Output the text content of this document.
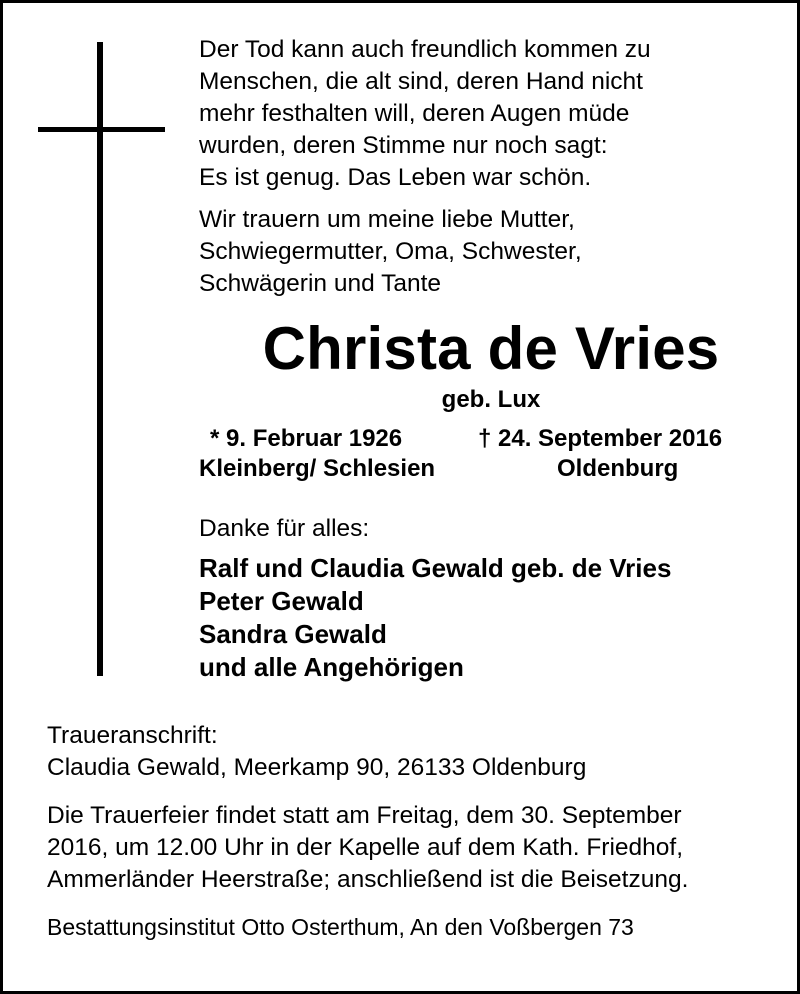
Der Tod kann auch freundlich kommen zu
Menschen, die alt sind, deren Hand nicht
mehr festhalten will, deren Augen müde
wurden, deren Stimme nur noch sagt:
Es ist genug. Das Leben war schön.

Wir trauern um meine liebe Mutter,
Schwiegermutter, Oma, Schwester,
Schwägerin und Tante

Christa de Vries

geb. Lux

* 9. Februar 1926

Kleinberg/ Schlesien

† 24. September 2016

Oldenburg

Danke für alles:

Ralf und Claudia Gewald geb. de Vries
Peter Gewald
Sandra Gewald
und alle Angehörigen

Traueranschrift:
Claudia Gewald, Meerkamp 90, 26133 Oldenburg

Die Trauerfeier findet statt am Freitag, dem 30. September
2016, um 12.00 Uhr in der Kapelle auf dem Kath. Friedhof,
Ammerländer Heerstraße; anschließend ist die Beisetzung.

Bestattungsinstitut Otto Osterthum, An den Voßbergen 73
